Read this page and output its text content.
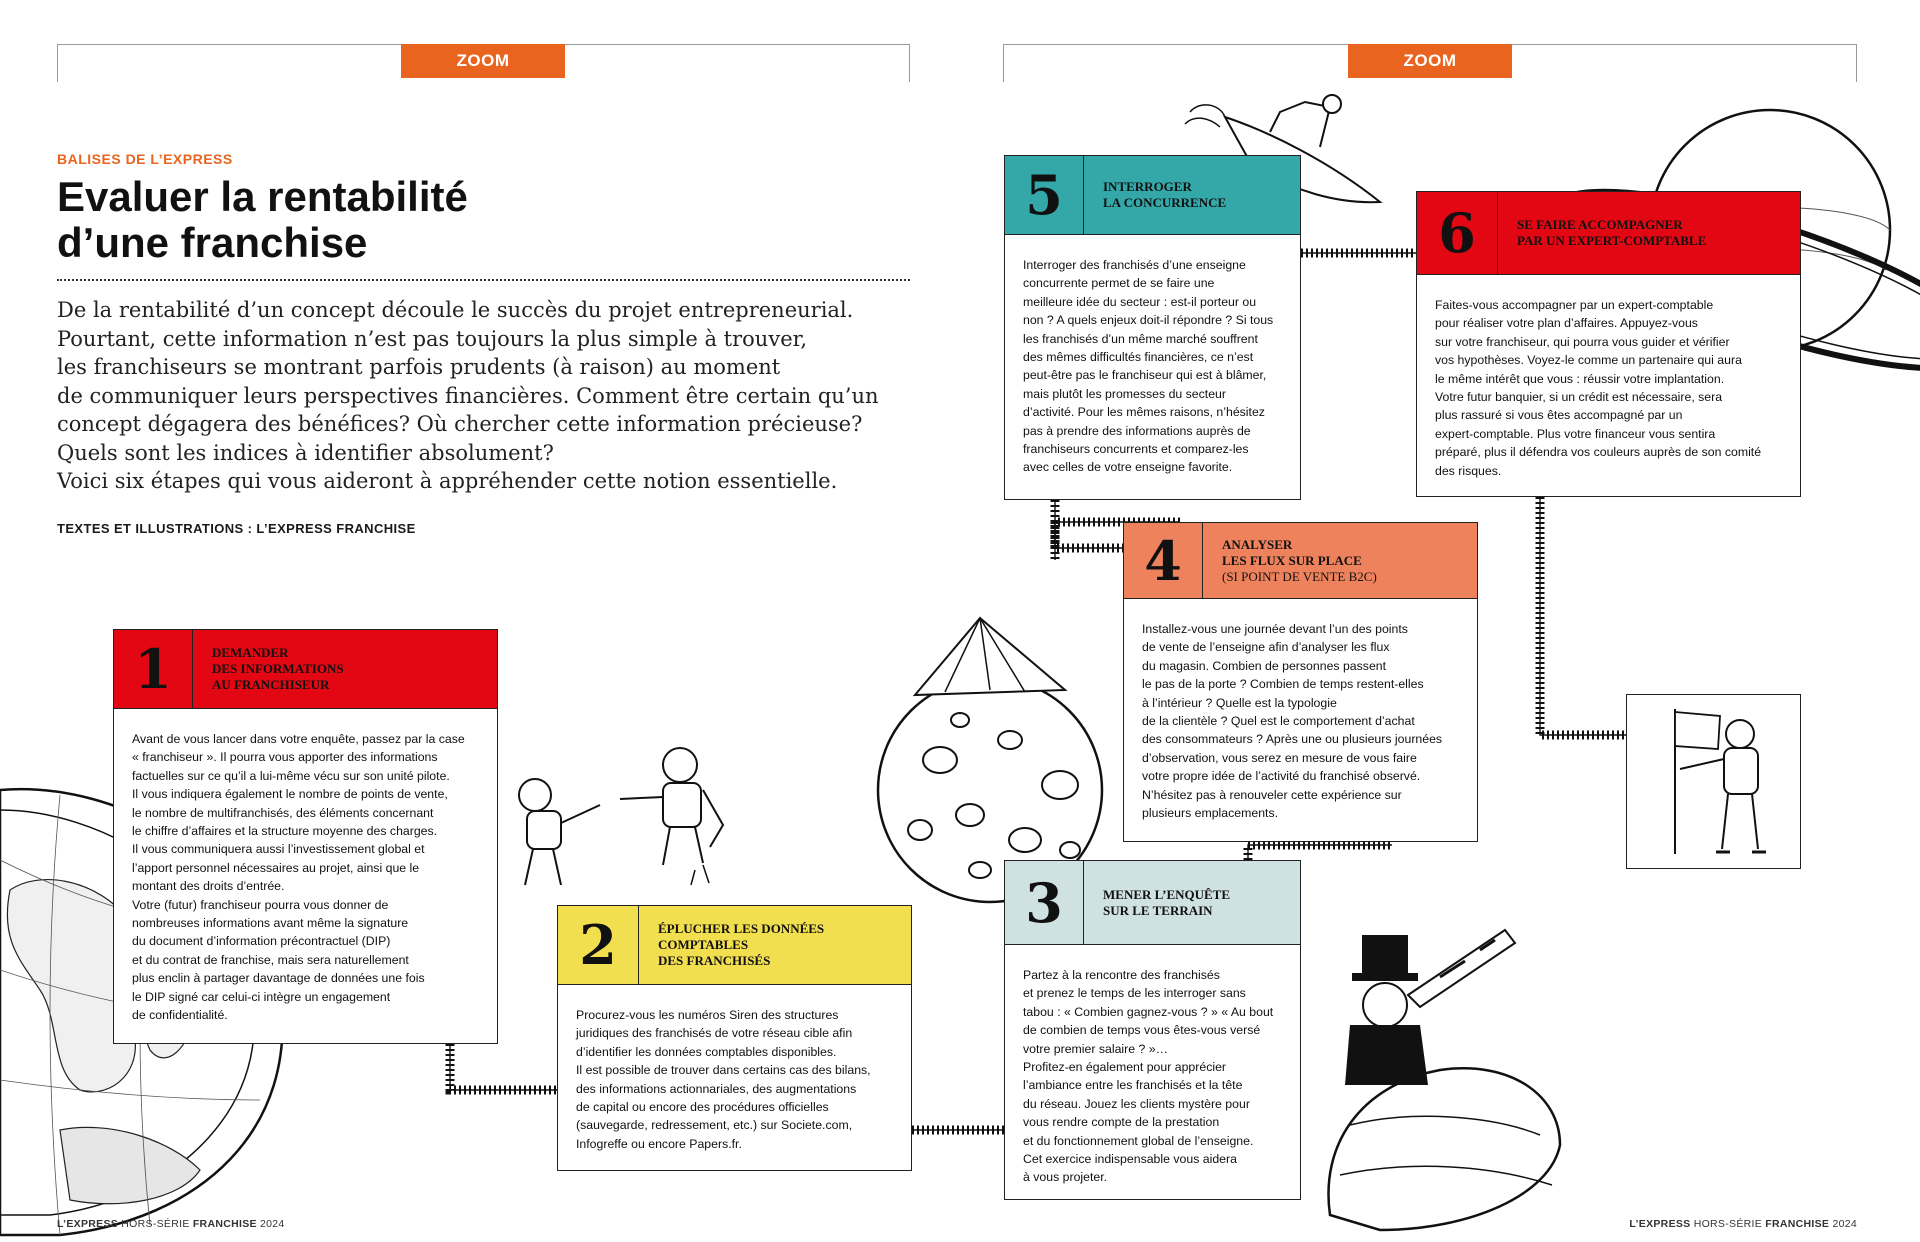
ZOOM	ZOOM
BALISES DE L’EXPRESS
Evaluer la rentabilité
d’une franchise
De la rentabilité d’un concept découle le succès du projet entrepreneurial.
Pourtant, cette information n’est pas toujours la plus simple à trouver,
les franchiseurs se montrant parfois prudents (à raison) au moment
de communiquer leurs perspectives financières. Comment être certain qu’un
concept dégagera des bénéfices? Où chercher cette information précieuse?
Quels sont les indices à identifier absolument?
Voici six étapes qui vous aideront à appréhender cette notion essentielle.
TEXTES ET ILLUSTRATIONS : L’EXPRESS FRANCHISE
1	DEMANDER
DES INFORMATIONS
AU FRANCHISEUR

Avant de vous lancer dans votre enquête, passez par la case

« franchiseur ». Il pourra vous apporter des informations

factuelles sur ce qu’il a lui-même vécu sur son unité pilote.

Il vous indiquera également le nombre de points de vente,

le nombre de multifranchisés, des éléments concernant

le chiffre d’affaires et la structure moyenne des charges.

Il vous communiquera aussi l’investissement global et

l’apport personnel nécessaires au projet, ainsi que le

montant des droits d’entrée.

Votre (futur) franchiseur pourra vous donner de

nombreuses informations avant même la signature

du document d’information précontractuel (DIP)

et du contrat de franchise, mais sera naturellement

plus enclin à partager davantage de données une fois

le DIP signé car celui-ci intègre un engagement

de confidentialité.

2	ÉPLUCHER LES DONNÉES
COMPTABLES
DES FRANCHISÉS

Procurez-vous les numéros Siren des structures

juridiques des franchisés de votre réseau cible afin

d’identifier les données comptables disponibles.

Il est possible de trouver dans certains cas des bilans,

des informations actionnariales, des augmentations

de capital ou encore des procédures officielles

(sauvegarde, redressement, etc.) sur Societe.com,

Infogreffe ou encore Papers.fr.

3	MENER L’ENQUÊTE
SUR LE TERRAIN

Partez à la rencontre des franchisés

et prenez le temps de les interroger sans

tabou : « Combien gagnez-vous ? » « Au bout

de combien de temps vous êtes-vous versé

votre premier salaire ? »…

Profitez-en également pour apprécier

l’ambiance entre les franchisés et la tête

du réseau. Jouez les clients mystère pour

vous rendre compte de la prestation

et du fonctionnement global de l’enseigne.

Cet exercice indispensable vous aidera

à vous projeter.

4	ANALYSER
LES FLUX SUR PLACE
(SI POINT DE VENTE B2C)

Installez-vous une journée devant l’un des points

de vente de l’enseigne afin d’analyser les flux

du magasin. Combien de personnes passent

le pas de la porte ? Combien de temps restent-elles

à l’intérieur ? Quelle est la typologie

de la clientèle ? Quel est le comportement d’achat

des consommateurs ? Après une ou plusieurs journées

d’observation, vous serez en mesure de vous faire

votre propre idée de l’activité du franchisé observé.

N’hésitez pas à renouveler cette expérience sur

plusieurs emplacements.

5	INTERROGER
LA CONCURRENCE

Interroger des franchisés d’une enseigne

concurrente permet de se faire une

meilleure idée du secteur : est-il porteur ou

non ? A quels enjeux doit-il répondre ? Si tous

les franchisés d’un même marché souffrent

des mêmes difficultés financières, ce n’est

peut-être pas le franchiseur qui est à blâmer,

mais plutôt les promesses du secteur

d’activité. Pour les mêmes raisons, n’hésitez

pas à prendre des informations auprès de

franchiseurs concurrents et comparez-les

avec celles de votre enseigne favorite.

6	SE FAIRE ACCOMPAGNER
PAR UN EXPERT-COMPTABLE

Faites-vous accompagner par un expert-comptable

pour réaliser votre plan d’affaires. Appuyez-vous

sur votre franchiseur, qui pourra vous guider et vérifier

vos hypothèses. Voyez-le comme un partenaire qui aura

le même intérêt que vous : réussir votre implantation.

Votre futur banquier, si un crédit est nécessaire, sera

plus rassuré si vous êtes accompagné par un

expert-comptable. Plus votre financeur vous sentira

préparé, plus il défendra vos couleurs auprès de son comité

des risques.

L’EXPRESS HORS-SÉRIE FRANCHISE 2024	L’EXPRESS HORS-SÉRIE FRANCHISE 2024
